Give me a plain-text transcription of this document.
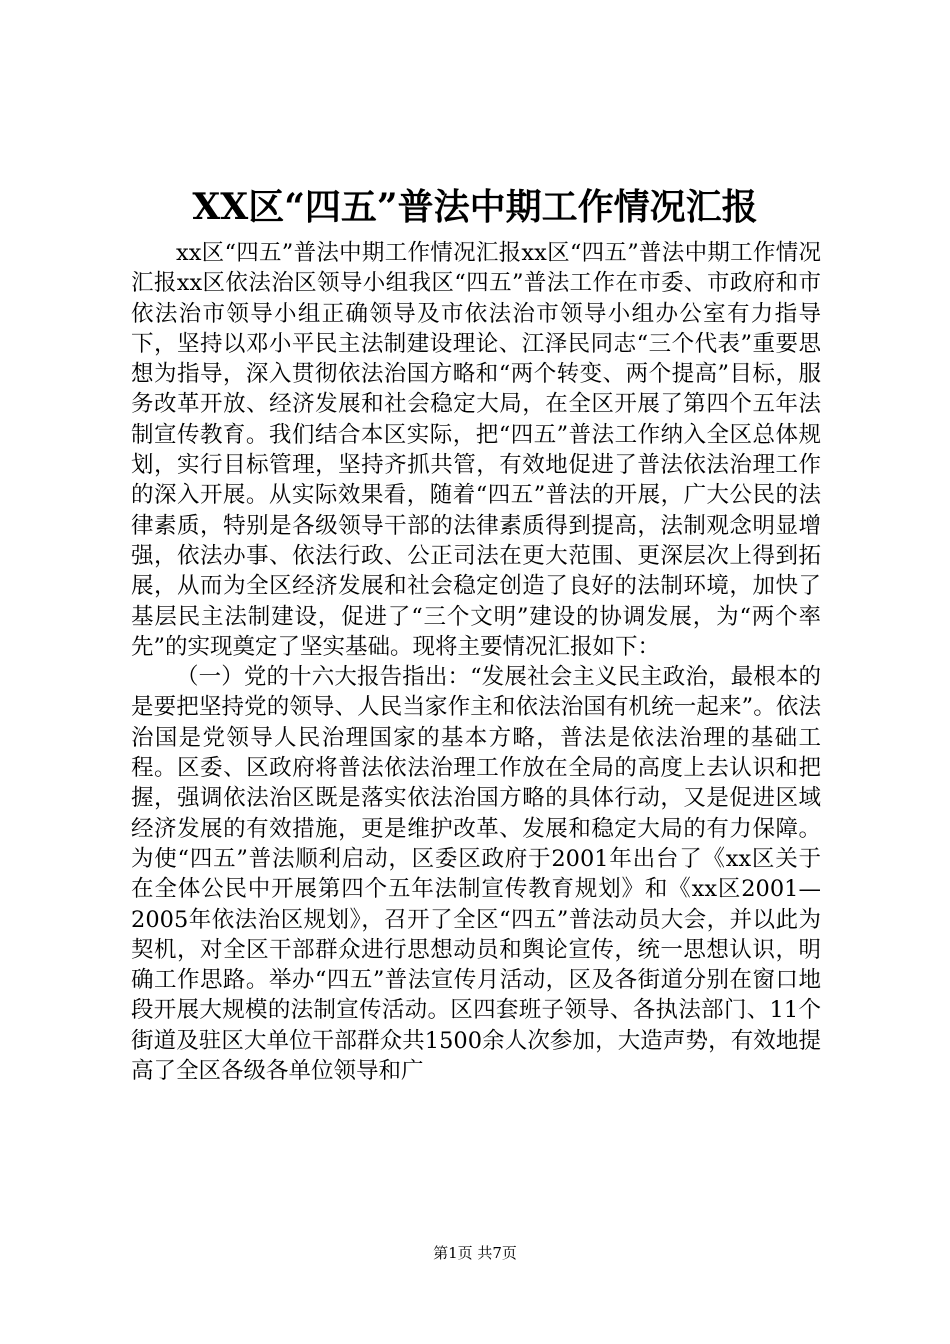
XX区“四五”普法中期工作情况汇报

xx区“四五”普法中期工作情况汇报xx区“四五”普法中期工作情况汇报xx区依法治区领导小组我区“四五”普法工作在市委、市政府和市依法治市领导小组正确领导及市依法治市领导小组办公室有力指导下，坚持以邓小平民主法制建设理论、江泽民同志“三个代表”重要思想为指导，深入贯彻依法治国方略和“两个转变、两个提高”目标，服务改革开放、经济发展和社会稳定大局，在全区开展了第四个五年法制宣传教育。我们结合本区实际，把“四五”普法工作纳入全区总体规划，实行目标管理，坚持齐抓共管，有效地促进了普法依法治理工作的深入开展。从实际效果看，随着“四五”普法的开展，广大公民的法律素质，特别是各级领导干部的法律素质得到提高，法制观念明显增强，依法办事、依法行政、公正司法在更大范围、更深层次上得到拓展，从而为全区经济发展和社会稳定创造了良好的法制环境，加快了基层民主法制建设，促进了“三个文明”建设的协调发展，为“两个率先”的实现奠定了坚实基础。现将主要情况汇报如下：

（一）党的十六大报告指出：“发展社会主义民主政治，最根本的是要把坚持党的领导、人民当家作主和依法治国有机统一起来”。依法治国是党领导人民治理国家的基本方略，普法是依法治理的基础工程。区委、区政府将普法依法治理工作放在全局的高度上去认识和把握，强调依法治区既是落实依法治国方略的具体行动，又是促进区域经济发展的有效措施，更是维护改革、发展和稳定大局的有力保障。为使“四五”普法顺利启动，区委区政府于2001年出台了《xx区关于在全体公民中开展第四个五年法制宣传教育规划》和《xx区2001—2005年依法治区规划》，召开了全区“四五”普法动员大会，并以此为契机，对全区干部群众进行思想动员和舆论宣传，统一思想认识，明确工作思路。举办“四五”普法宣传月活动，区及各街道分别在窗口地段开展大规模的法制宣传活动。区四套班子领导、各执法部门、11个街道及驻区大单位干部群众共1500余人次参加，大造声势，有效地提高了全区各级各单位领导和广

第1页 共7页
